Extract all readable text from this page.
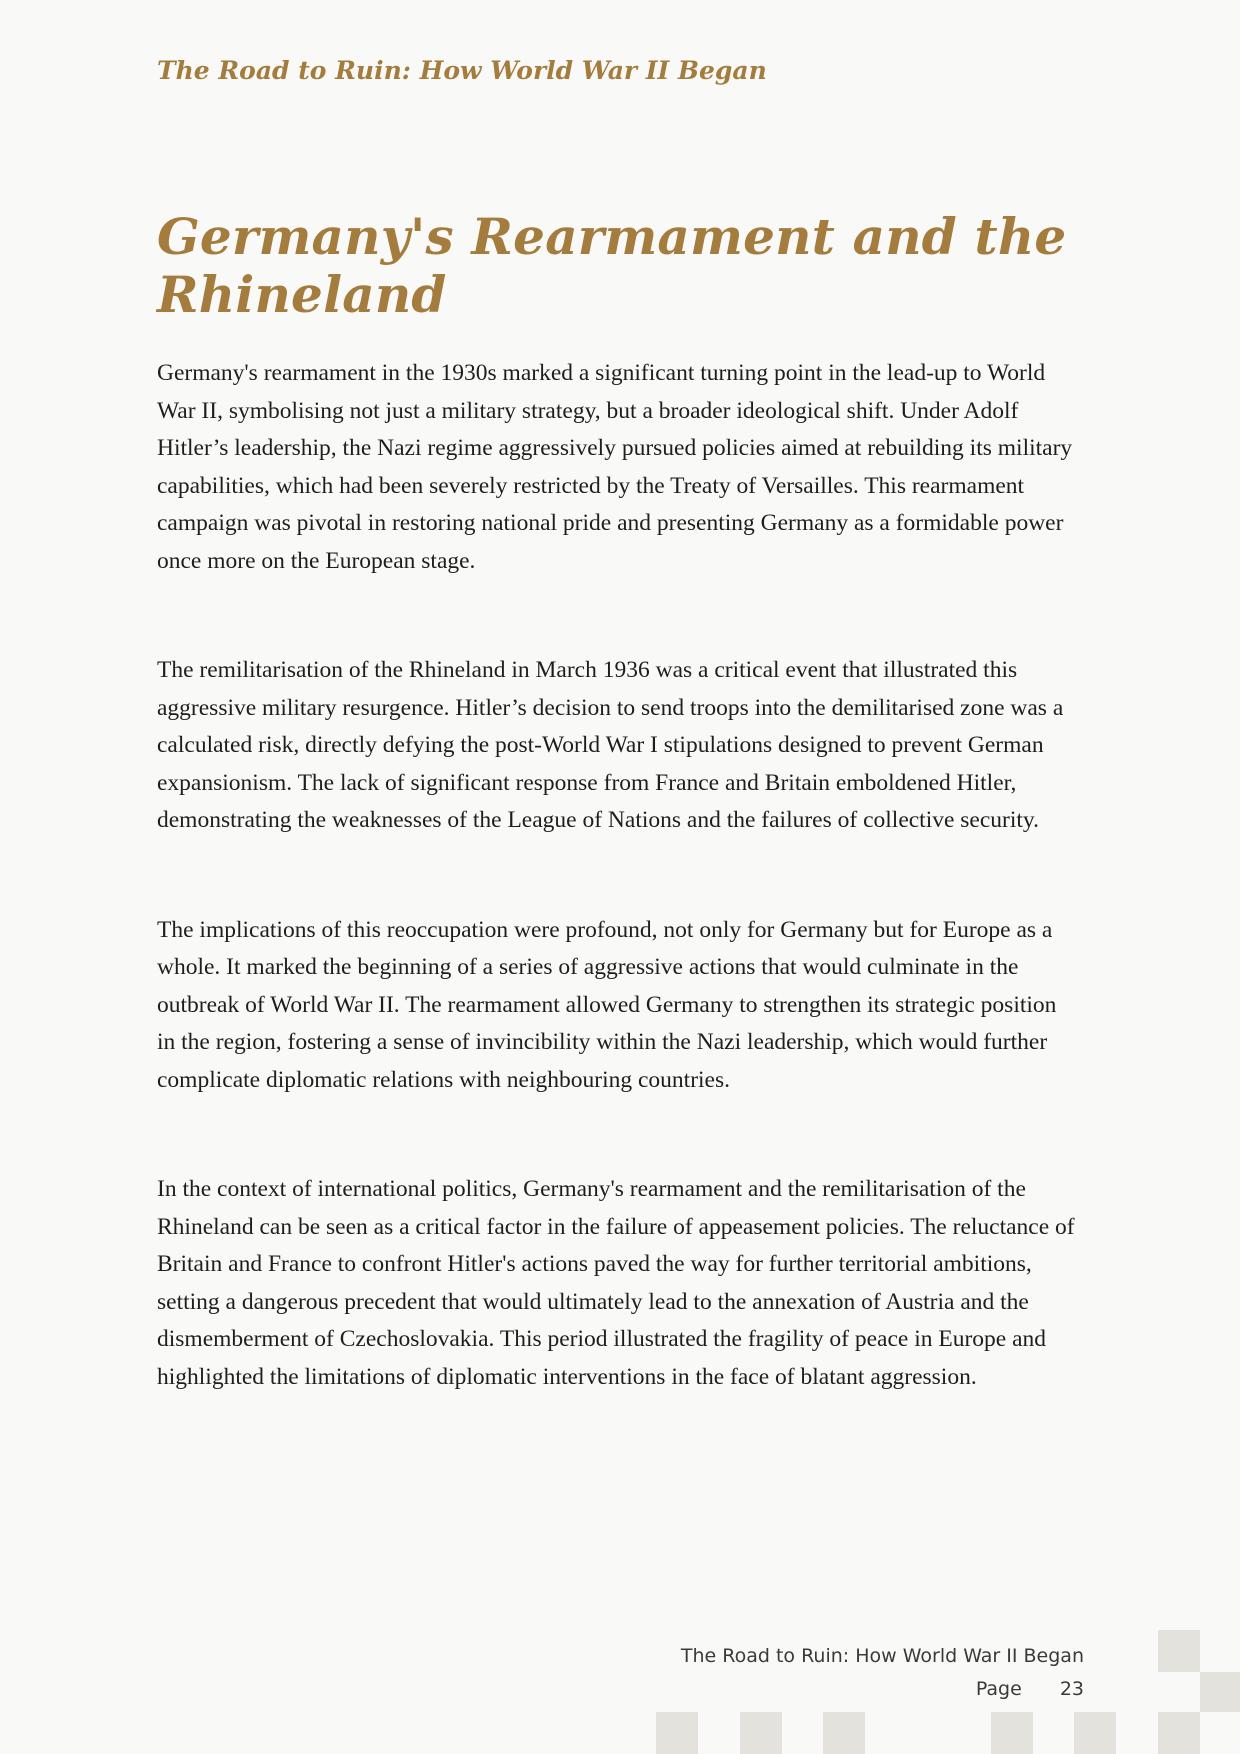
The Road to Ruin: How World War II Began
Germany's Rearmament and the
Rhineland

Germany's rearmament in the 1930s marked a significant turning point in the lead-up to World War II, symbolising not just a military strategy, but a broader ideological shift. Under Adolf Hitler’s leadership, the Nazi regime aggressively pursued policies aimed at rebuilding its military capabilities, which had been severely restricted by the Treaty of Versailles. This rearmament campaign was pivotal in restoring national pride and presenting Germany as a formidable power once more on the European stage.

The remilitarisation of the Rhineland in March 1936 was a critical event that illustrated this aggressive military resurgence. Hitler’s decision to send troops into the demilitarised zone was a calculated risk, directly defying the post-World War I stipulations designed to prevent German expansionism. The lack of significant response from France and Britain emboldened Hitler, demonstrating the weaknesses of the League of Nations and the failures of collective security.

The implications of this reoccupation were profound, not only for Germany but for Europe as a whole. It marked the beginning of a series of aggressive actions that would culminate in the outbreak of World War II. The rearmament allowed Germany to strengthen its strategic position in the region, fostering a sense of invincibility within the Nazi leadership, which would further complicate diplomatic relations with neighbouring countries.

In the context of international politics, Germany's rearmament and the remilitarisation of the Rhineland can be seen as a critical factor in the failure of appeasement policies. The reluctance of Britain and France to confront Hitler's actions paved the way for further territorial ambitions, setting a dangerous precedent that would ultimately lead to the annexation of Austria and the dismemberment of Czechoslovakia. This period illustrated the fragility of peace in Europe and highlighted the limitations of diplomatic interventions in the face of blatant aggression.

The Road to Ruin: How World War II Began
Page 23
